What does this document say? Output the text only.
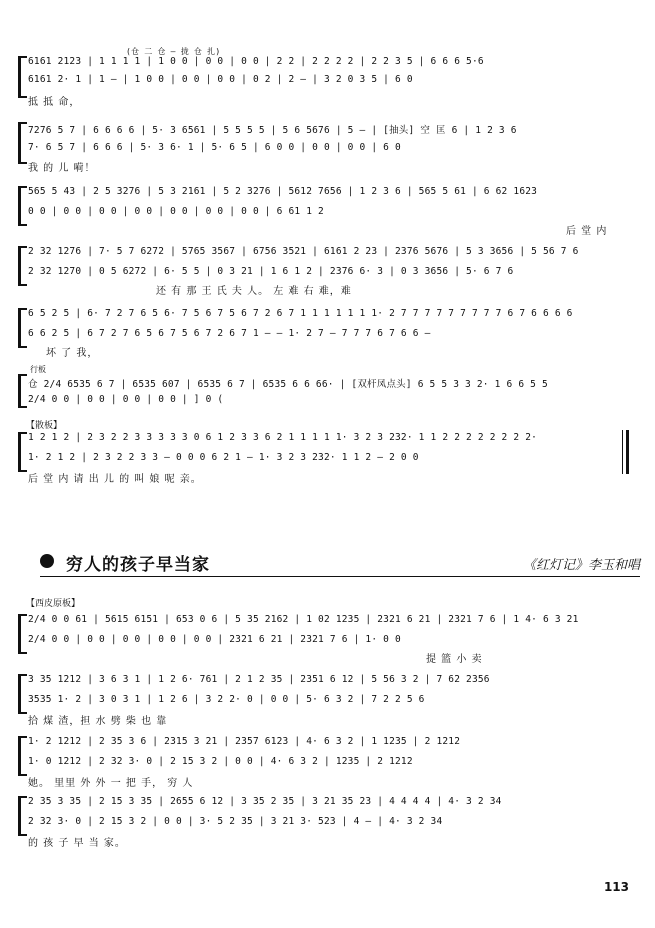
(仓 二 仓 — 拢 仓 扎)
6161 2123 | 1 1 1 1 | 1 0 0 | 0 0 | 0 0 | 2 2 | 2 2 2 2 | 2 2 3 5 | 6 6 6 5·6
6161 2· 1 | 1 — | 1 0 0 | 0 0 | 0 0 | 0 2 | 2 — | 3 2 0 3 5 | 6 0
抵 抵 命，
7276 5 7 | 6 6 6 6 | 5· 3 6561 | 5 5 5 5 | 5 6 5676 | 5 — | [抽头] 空 匡 6 | 1 2 3 6
7· 6 5 7 | 6 6 6 | 5· 3 6· 1 | 5· 6 5 | 6 0 0 | 0 0 | 0 0 | 6 0
我 的 儿 嗬！
565 5 43 | 2 5 3276 | 5 3 2161 | 5 2 3276 | 5612 7656 | 1 2 3 6 | 565 5 61 | 6 62 1623
0 0 | 0 0 | 0 0 | 0 0 | 0 0 | 0 0 | 0 0 | 6 61 1 2
后 堂 内
2 32 1276 | 7· 5 7 6272 | 5765 3567 | 6756 3521 | 6161 2 23 | 2376 5676 | 5 3 3656 | 5 56 7 6
2 32 1270 | 0 5 6272 | 6· 5 5 | 0 3 21 | 1 6 1 2 | 2376 6· 3 | 0 3 3656 | 5· 6 7 6
还 有 那 王 氏 夫 人。 左 难 右 难，难
6 5 2 5 | 6· 7 2 7 6 5 6· 7 5 6 7 5 6 7 2 6 7 1 1 1 1 1 1 1· 2 7 7 7 7 7 7 7 7 7 6 7 6 6 6 6
6 6 2 5 | 6 7 2 7 6 5 6 7 5 6 7 2 6 7 1 — — 1· 2 7 — 7 7 7 6 7 6 6 —
坏 了 我，
行板
仓 2/4 6535 6 7 | 6535 607 | 6535 6 7 | 6535 6 6 66· | [双杆凤点头] 6 5 5 3 3 2· 1 6 6 5 5
2/4 0 0 | 0 0 | 0 0 | 0 0 | ] 0 (
【散板】
1 2 1 2 | 2 3 2 2 3 3 3 3 3 0 6 1 2 3 3 6 2 1 1 1 1 1· 3 2 3 232· 1 1 2 2 2 2 2 2 2 2·
1· 2 1 2 | 2 3 2 2 3 3 — 0 0 0 6 2 1 — 1· 3 2 3 232· 1 1 2 — 2 0 0
后 堂 内 请 出 儿 的 叫 娘 呢 亲。
穷人的孩子早当家	《红灯记》李玉和唱
【西皮原板】
2/4 0 0 61 | 5615 6151 | 653 0 6 | 5 35 2162 | 1 02 1235 | 2321 6 21 | 2321 7 6 | 1 4· 6 3 21
2/4 0 0 | 0 0 | 0 0 | 0 0 | 0 0 | 2321 6 21 | 2321 7 6 | 1· 0 0
提 篮 小 卖
3 35 1212 | 3 6 3 1 | 1 2 6· 761 | 2 1 2 35 | 2351 6 12 | 5 56 3 2 | 7 62 2356
3535 1· 2 | 3 0 3 1 | 1 2 6 | 3 2 2· 0 | 0 0 | 5· 6 3 2 | 7 2 2 5 6
拾 煤 渣，担 水 劈 柴 也 靠
1· 2 1212 | 2 35 3 6 | 2315 3 21 | 2357 6123 | 4· 6 3 2 | 1 1235 | 2 1212
1· 0 1212 | 2 32 3· 0 | 2 15 3 2 | 0 0 | 4· 6 3 2 | 1235 | 2 1212
她。 里里 外 外 一 把 手， 穷 人
2 35 3 35 | 2 15 3 35 | 2655 6 12 | 3 35 2 35 | 3 21 35 23 | 4 4 4 4 | 4· 3 2 34
2 32 3· 0 | 2 15 3 2 | 0 0 | 3· 5 2 35 | 3 21 3· 523 | 4 — | 4· 3 2 34
的 孩 子 早 当 家。
113
